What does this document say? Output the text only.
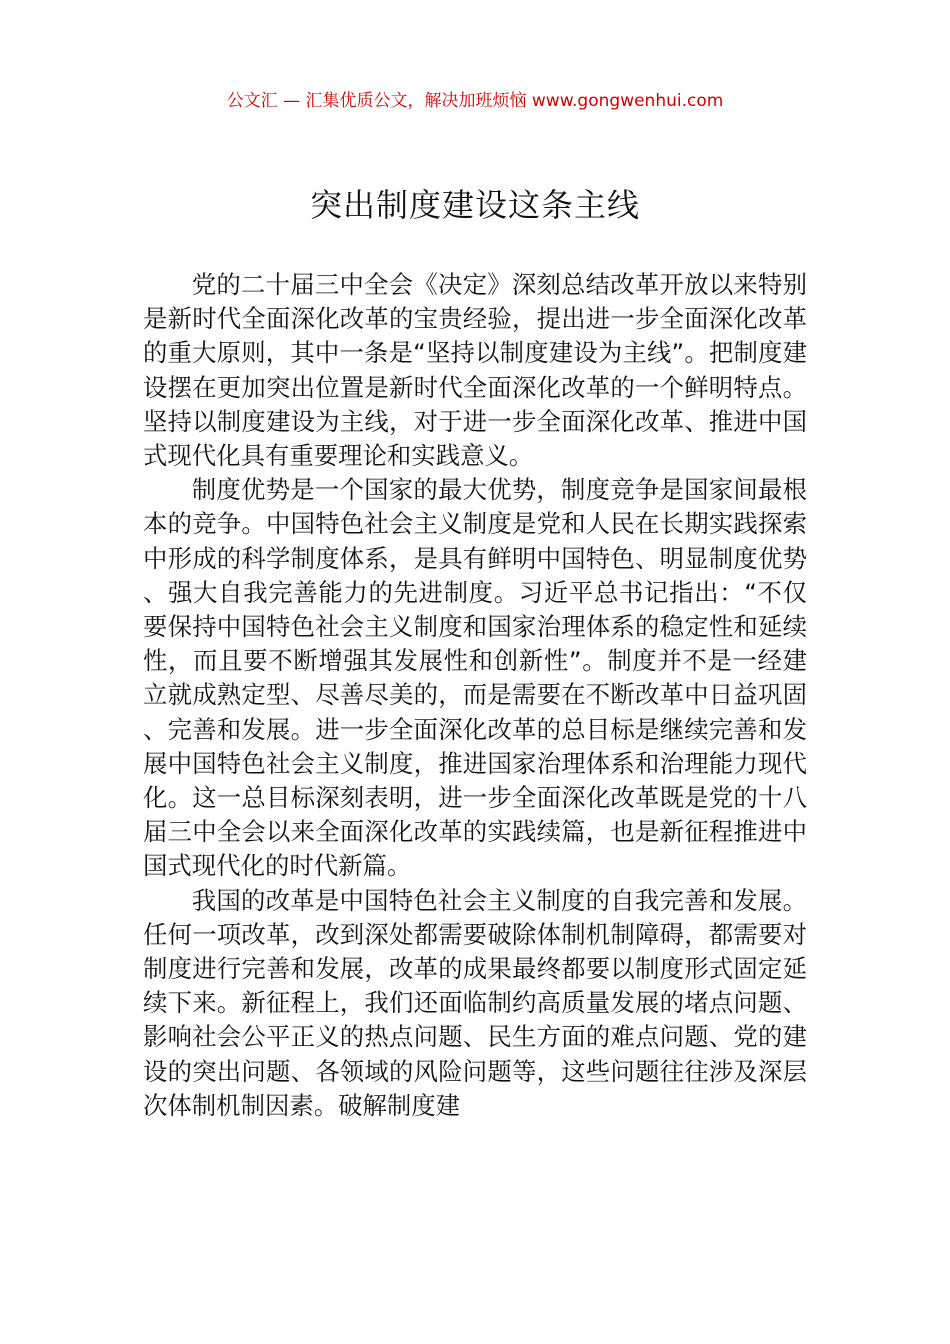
公文汇 — 汇集优质公文，解决加班烦恼 www.gongwenhui.com
突出制度建设这条主线

党的二十届三中全会《决定》深刻总结改革开放以来特别是新时代全面深化改革的宝贵经验，提出进一步全面深化改革的重大原则，其中一条是“坚持以制度建设为主线”。把制度建设摆在更加突出位置是新时代全面深化改革的一个鲜明特点。坚持以制度建设为主线，对于进一步全面深化改革、推进中国式现代化具有重要理论和实践意义。

制度优势是一个国家的最大优势，制度竞争是国家间最根本的竞争。中国特色社会主义制度是党和人民在长期实践探索中形成的科学制度体系，是具有鲜明中国特色、明显制度优势、强大自我完善能力的先进制度。习近平总书记指出：“不仅要保持中国特色社会主义制度和国家治理体系的稳定性和延续性，而且要不断增强其发展性和创新性”。制度并不是一经建立就成熟定型、尽善尽美的，而是需要在不断改革中日益巩固、完善和发展。进一步全面深化改革的总目标是继续完善和发展中国特色社会主义制度，推进国家治理体系和治理能力现代化。这一总目标深刻表明，进一步全面深化改革既是党的十八届三中全会以来全面深化改革的实践续篇，也是新征程推进中国式现代化的时代新篇。

我国的改革是中国特色社会主义制度的自我完善和发展。任何一项改革，改到深处都需要破除体制机制障碍，都需要对制度进行完善和发展，改革的成果最终都要以制度形式固定延续下来。新征程上，我们还面临制约高质量发展的堵点问题、影响社会公平正义的热点问题、民生方面的难点问题、党的建设的突出问题、各领域的风险问题等，这些问题往往涉及深层次体制机制因素。破解制度建
